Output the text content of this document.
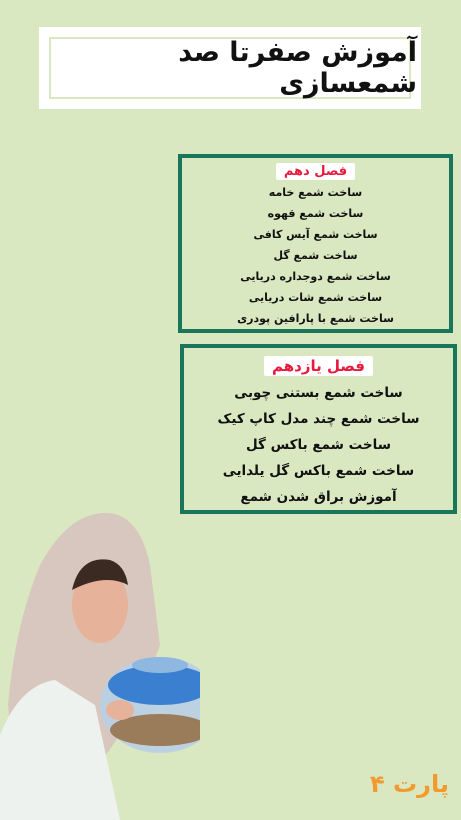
آموزش صفرتا صد شمعسازی
فصل دهم
ساخت شمع خامه
ساخت شمع قهوه
ساخت شمع آیس کافی
ساخت شمع گل
ساخت شمع دوجداره دریایی
ساخت شمع شات دریایی
ساخت شمع با پارافین پودری
فصل یازدهم
ساخت شمع بستنی چوبی
ساخت شمع چند مدل کاپ کیک
ساخت شمع باکس گل
ساخت شمع باکس گل یلدایی
آموزش براق شدن شمع
پارت ۴
